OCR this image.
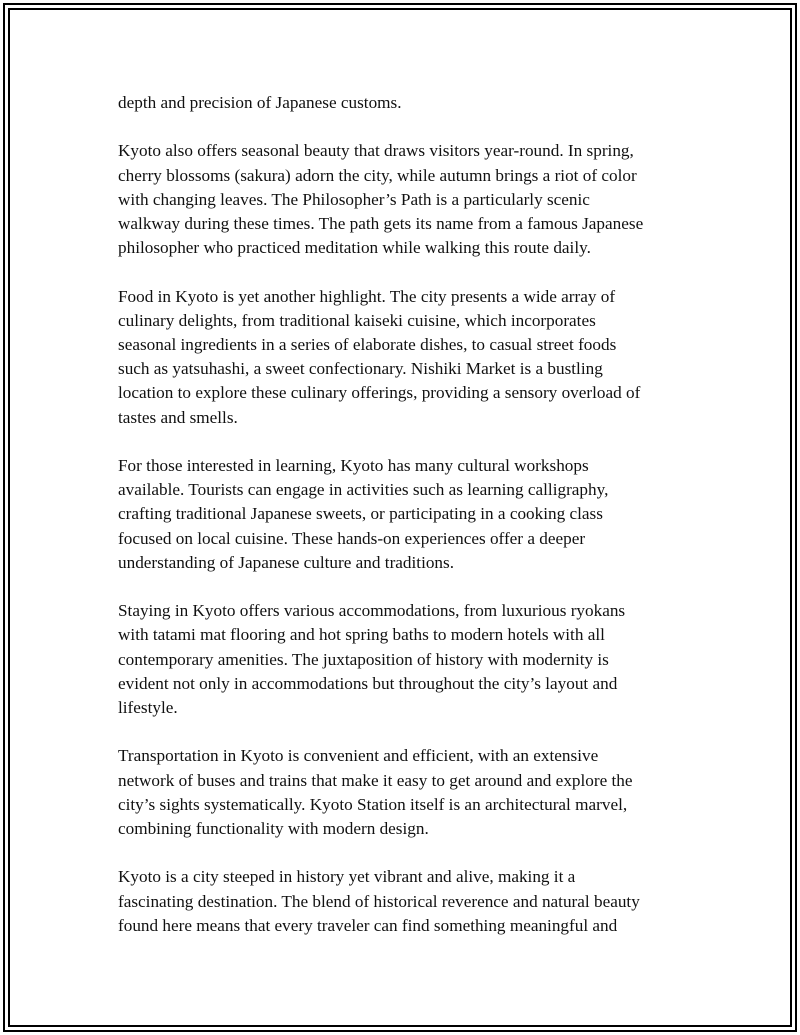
depth and precision of Japanese customs.

Kyoto also offers seasonal beauty that draws visitors year-round. In spring,
cherry blossoms (sakura) adorn the city, while autumn brings a riot of color
with changing leaves. The Philosopher’s Path is a particularly scenic
walkway during these times. The path gets its name from a famous Japanese
philosopher who practiced meditation while walking this route daily.

Food in Kyoto is yet another highlight. The city presents a wide array of
culinary delights, from traditional kaiseki cuisine, which incorporates
seasonal ingredients in a series of elaborate dishes, to casual street foods
such as yatsuhashi, a sweet confectionary. Nishiki Market is a bustling
location to explore these culinary offerings, providing a sensory overload of
tastes and smells.

For those interested in learning, Kyoto has many cultural workshops
available. Tourists can engage in activities such as learning calligraphy,
crafting traditional Japanese sweets, or participating in a cooking class
focused on local cuisine. These hands-on experiences offer a deeper
understanding of Japanese culture and traditions.

Staying in Kyoto offers various accommodations, from luxurious ryokans
with tatami mat flooring and hot spring baths to modern hotels with all
contemporary amenities. The juxtaposition of history with modernity is
evident not only in accommodations but throughout the city’s layout and
lifestyle.

Transportation in Kyoto is convenient and efficient, with an extensive
network of buses and trains that make it easy to get around and explore the
city’s sights systematically. Kyoto Station itself is an architectural marvel,
combining functionality with modern design.

Kyoto is a city steeped in history yet vibrant and alive, making it a
fascinating destination. The blend of historical reverence and natural beauty
found here means that every traveler can find something meaningful and
